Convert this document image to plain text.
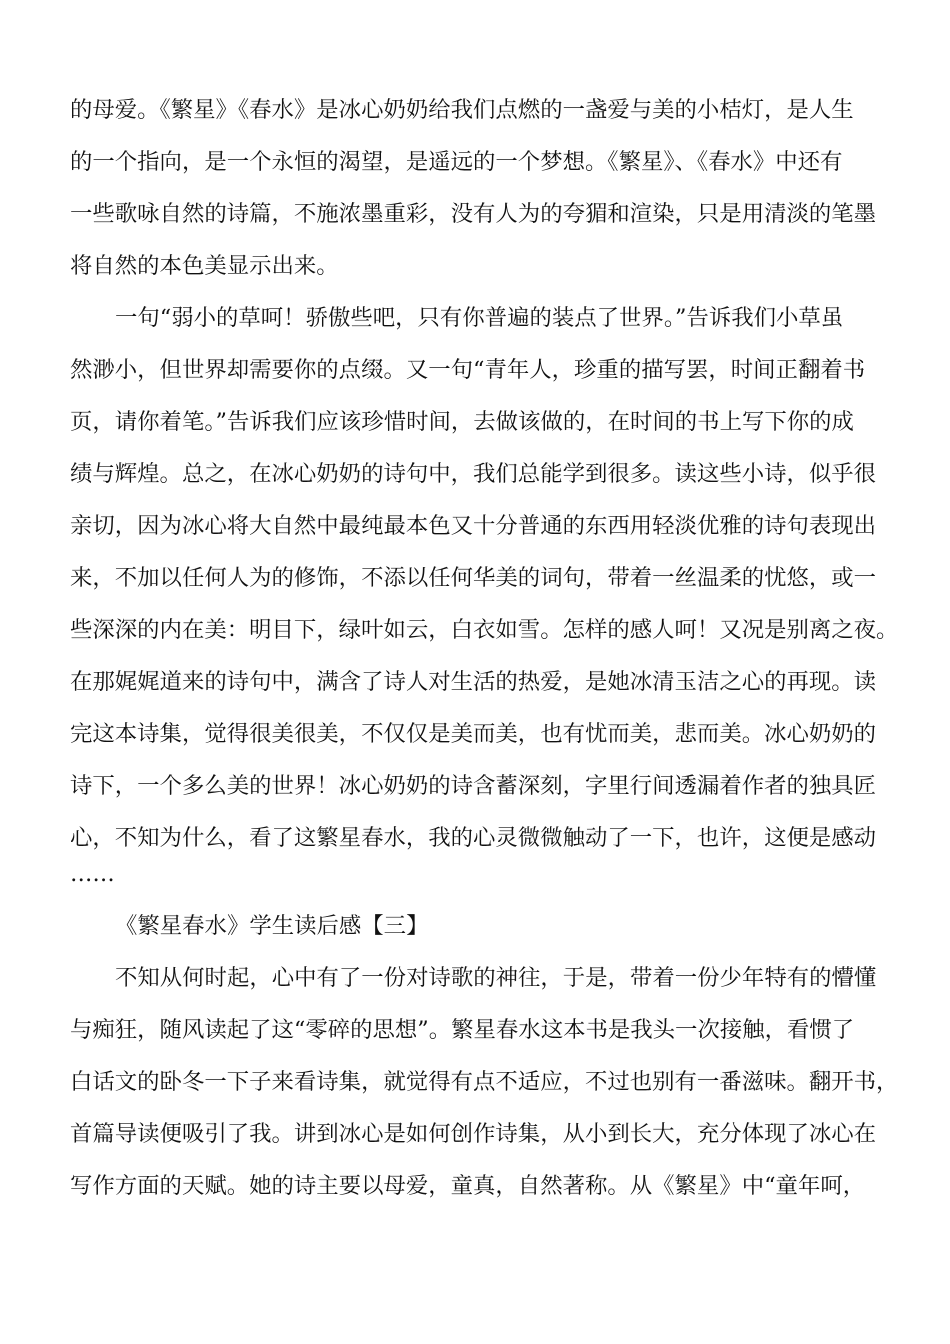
的母爱。《繁星》《春水》是冰心奶奶给我们点燃的一盏爱与美的小桔灯，是人生
的一个指向，是一个永恒的渴望，是遥远的一个梦想。《繁星》、《春水》中还有
一些歌咏自然的诗篇，不施浓墨重彩，没有人为的夸猸和渲染，只是用清淡的笔墨
将自然的本色美显示出来。
一句“弱小的草呵！骄傲些吧，只有你普遍的装点了世界。”告诉我们小草虽
然渺小，但世界却需要你的点缀。又一句“青年人，珍重的描写罢，时间正翻着书
页，请你着笔。”告诉我们应该珍惜时间，去做该做的，在时间的书上写下你的成
绩与辉煌。总之，在冰心奶奶的诗句中，我们总能学到很多。读这些小诗，似乎很
亲切，因为冰心将大自然中最纯最本色又十分普通的东西用轻淡优雅的诗句表现出
来，不加以任何人为的修饰，不添以任何华美的词句，带着一丝温柔的忧悠，或一
些深深的内在美：明目下，绿叶如云，白衣如雪。怎样的感人呵！又况是别离之夜。
在那娓娓道来的诗句中，满含了诗人对生活的热爱，是她冰清玉洁之心的再现。读
完这本诗集，觉得很美很美，不仅仅是美而美，也有忧而美，悲而美。冰心奶奶的
诗下，一个多么美的世界！冰心奶奶的诗含蓄深刻，字里行间透漏着作者的独具匠
心，不知为什么，看了这繁星春水，我的心灵微微触动了一下，也许，这便是感动
……
《繁星春水》学生读后感【三】
不知从何时起，心中有了一份对诗歌的神往，于是，带着一份少年特有的懵懂
与痴狂，随风读起了这“零碎的思想”。繁星春水这本书是我头一次接触，看惯了
白话文的卧冬一下子来看诗集，就觉得有点不适应，不过也别有一番滋味。翻开书，
首篇导读便吸引了我。讲到冰心是如何创作诗集，从小到长大，充分体现了冰心在
写作方面的天赋。她的诗主要以母爱，童真，自然著称。从《繁星》中“童年呵，
